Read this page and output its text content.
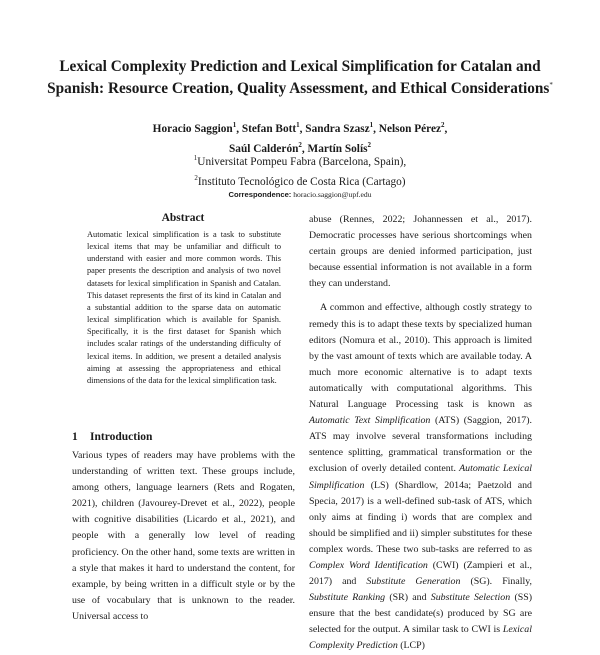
Lexical Complexity Prediction and Lexical Simplification for Catalan and Spanish: Resource Creation, Quality Assessment, and Ethical Considerations*
Horacio Saggion$^1$, Stefan Bott$^1$, Sandra Szasz$^1$, Nelson Pérez$^2$,
Saúl Calderón$^2$, Martín Solís$^2$
$^1$Universitat Pompeu Fabra (Barcelona, Spain),
$^2$Instituto Tecnológico de Costa Rica (Cartago)
Correspondence: horacio.saggion@upf.edu
Abstract

Automatic lexical simplification is a task to substitute lexical items that may be unfamiliar and difficult to understand with easier and more common words. This paper presents the description and analysis of two novel datasets for lexical simplification in Spanish and Catalan. This dataset represents the first of its kind in Catalan and a substantial addition to the sparse data on automatic lexical simplification which is available for Spanish. Specifically, it is the first dataset for Spanish which includes scalar ratings of the understanding difficulty of lexical items. In addition, we present a detailed analysis aiming at assessing the appropriateness and ethical dimensions of the data for the lexical simplification task.

1 Introduction

Various types of readers may have problems with the understanding of written text. These groups include, among others, language learners (Rets and Rogaten, 2021), children (Javourey-Drevet et al., 2022), people with cognitive disabilities (Licardo et al., 2021), and people with a generally low level of reading proficiency. On the other hand, some texts are written in a style that makes it hard to understand the content, for example, by being written in a difficult style or by the use of vocabulary that is unknown to the reader. Universal access to

abuse (Rennes, 2022; Johannessen et al., 2017). Democratic processes have serious shortcomings when certain groups are denied informed participation, just because essential information is not available in a form they can understand.

A common and effective, although costly strategy to remedy this is to adapt these texts by specialized human editors (Nomura et al., 2010). This approach is limited by the vast amount of texts which are available today. A much more economic alternative is to adapt texts automatically with computational algorithms. This Natural Language Processing task is known as Automatic Text Simplification (ATS) (Saggion, 2017). ATS may involve several transformations including sentence splitting, grammatical transformation or the exclusion of overly detailed content. Automatic Lexical Simplification (LS) (Shardlow, 2014a; Paetzold and Specia, 2017) is a well-defined sub-task of ATS, which only aims at finding i) words that are complex and should be simplified and ii) simpler substitutes for these complex words. These two sub-tasks are referred to as Complex Word Identification (CWI) (Zampieri et al., 2017) and Substitute Generation (SG). Finally, Substitute Ranking (SR) and Substitute Selection (SS) ensure that the best candidate(s) produced by SG are selected for the output. A similar task to CWI is Lexical Complexity Prediction (LCP)
